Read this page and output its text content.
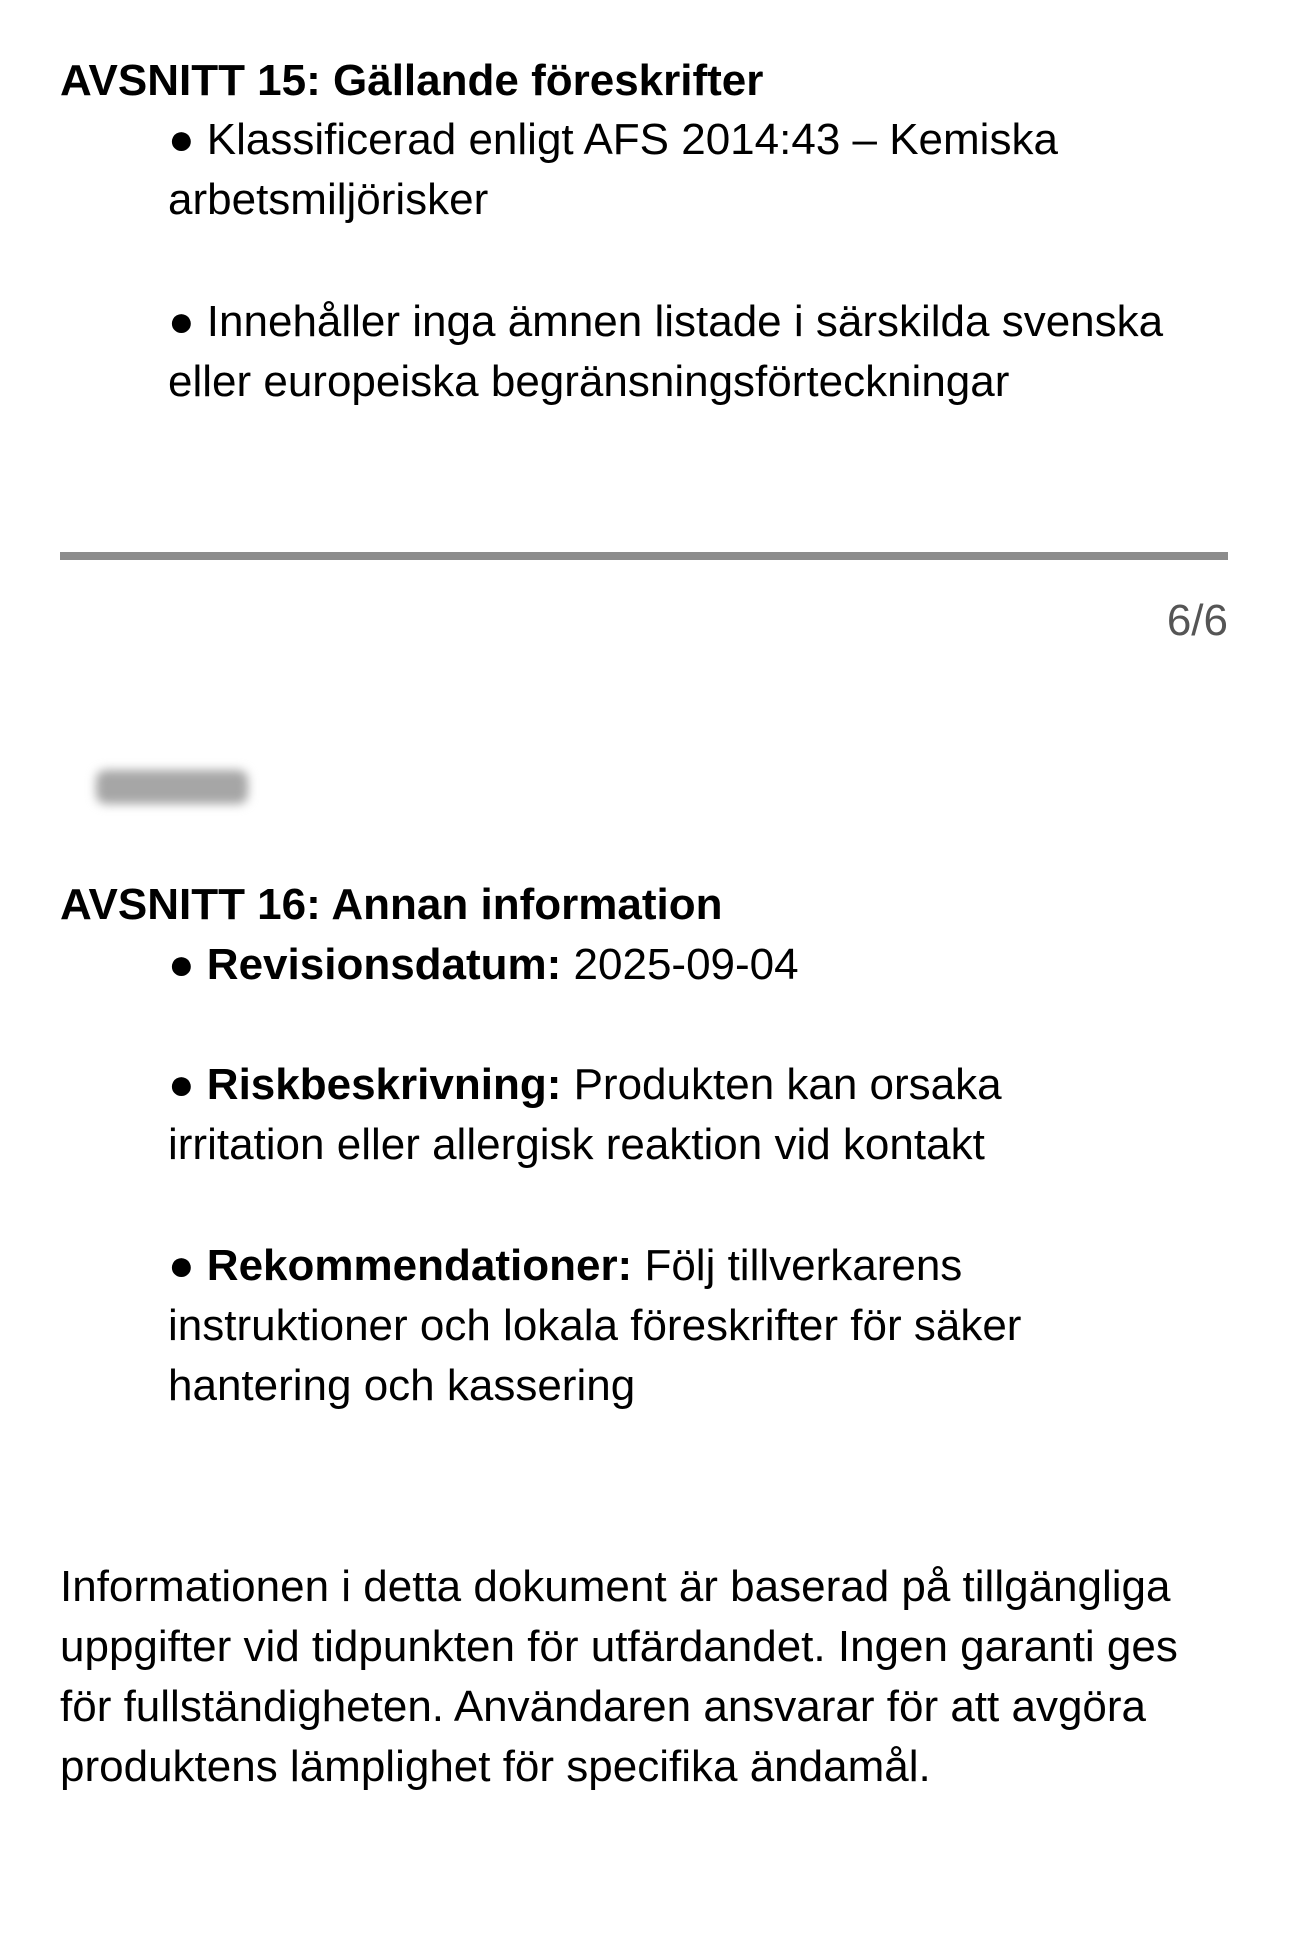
AVSNITT 15: Gällande föreskrifter

● Klassificerad enligt AFS 2014:43 – Kemiska arbetsmiljörisker

● Innehåller inga ämnen listade i särskilda svenska eller europeiska begränsningsförteckningar

6/6
AVSNITT 16: Annan information

● Revisionsdatum: 2025-09-04

● Riskbeskrivning: Produkten kan orsaka irritation eller allergisk reaktion vid kontakt

● Rekommendationer: Följ tillverkarens instruktioner och lokala föreskrifter för säker hantering och kassering

Informationen i detta dokument är baserad på tillgängliga uppgifter vid tidpunkten för utfärdandet. Ingen garanti ges för fullständigheten. Användaren ansvarar för att avgöra produktens lämplighet för specifika ändamål.
